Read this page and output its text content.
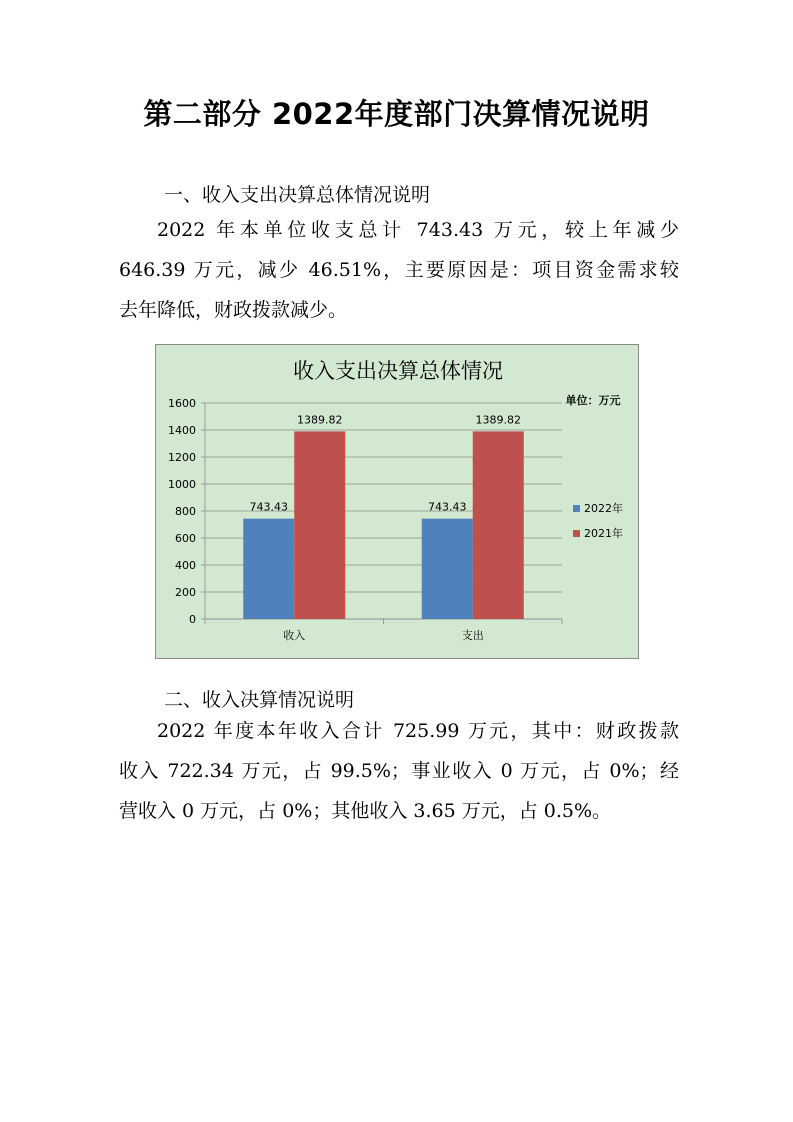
第二部分 2022年度部门决算情况说明
一、收入支出决算总体情况说明
2022 年本单位收支总计 743.43 万元，较上年减少
646.39 万元，减少 46.51%，主要原因是：项目资金需求较
去年降低，财政拨款减少。
收入支出决算总体情况
单位：万元
0
200
400
600
800
1000
1200
1400
1600
743.43
1389.82
收入
743.43
1389.82
支出
2022年
2021年
二、收入决算情况说明
2022 年度本年收入合计 725.99 万元，其中：财政拨款
收入 722.34 万元，占 99.5%；事业收入 0 万元，占 0%；经
营收入 0 万元，占 0%；其他收入 3.65 万元，占 0.5%。
